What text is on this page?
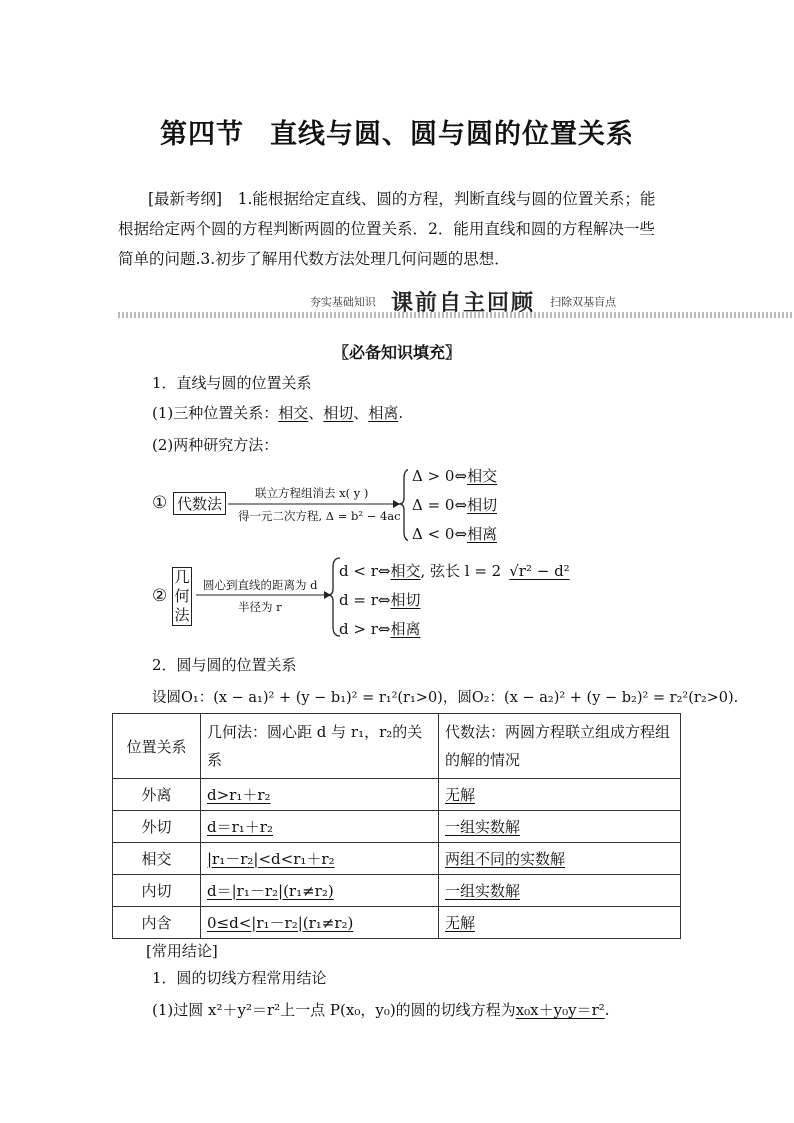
第四节 直线与圆、圆与圆的位置关系
[最新考纲]　1.能根据给定直线、圆的方程，判断直线与圆的位置关系；能
根据给定两个圆的方程判断两圆的位置关系．2．能用直线和圆的方程解决一些
简单的问题.3.初步了解用代数方法处理几何问题的思想．
夯实基础知识 课前自主回顾 扫除双基盲点
〖必备知识填充〗
1．直线与圆的位置关系
(1)三种位置关系：相交、相切、相离.
(2)两种研究方法：
① 代数法
联立方程组消去 x( y )
得一元二次方程, Δ = b² − 4ac
Δ > 0⇔相交
Δ = 0⇔相切
Δ < 0⇔相离
②
几
何
法
圆心到直线的距离为 d
半径为 r
d < r⇔相交, 弦长 l = 2 √r² − d²
d = r⇔相切
d > r⇔相离
2．圆与圆的位置关系
设圆O₁：(x − a₁)² + (y − b₁)² = r₁²(r₁>0)，圆O₂：(x − a₂)² + (y − b₂)² = r₂²(r₂>0).
位置关系	几何法：圆心距 d 与 r₁，r₂的关系	代数法：两圆方程联立组成方程组的解的情况
外离	d>r₁＋r₂	无解
外切	d＝r₁＋r₂	一组实数解
相交	|r₁－r₂|<d<r₁＋r₂	两组不同的实数解
内切	d＝|r₁－r₂|(r₁≠r₂)	一组实数解
内含	0≤d<|r₁－r₂|(r₁≠r₂)	无解
[常用结论]
1．圆的切线方程常用结论
(1)过圆 x²＋y²＝r²上一点 P(x₀，y₀)的圆的切线方程为x₀x＋y₀y＝r².
